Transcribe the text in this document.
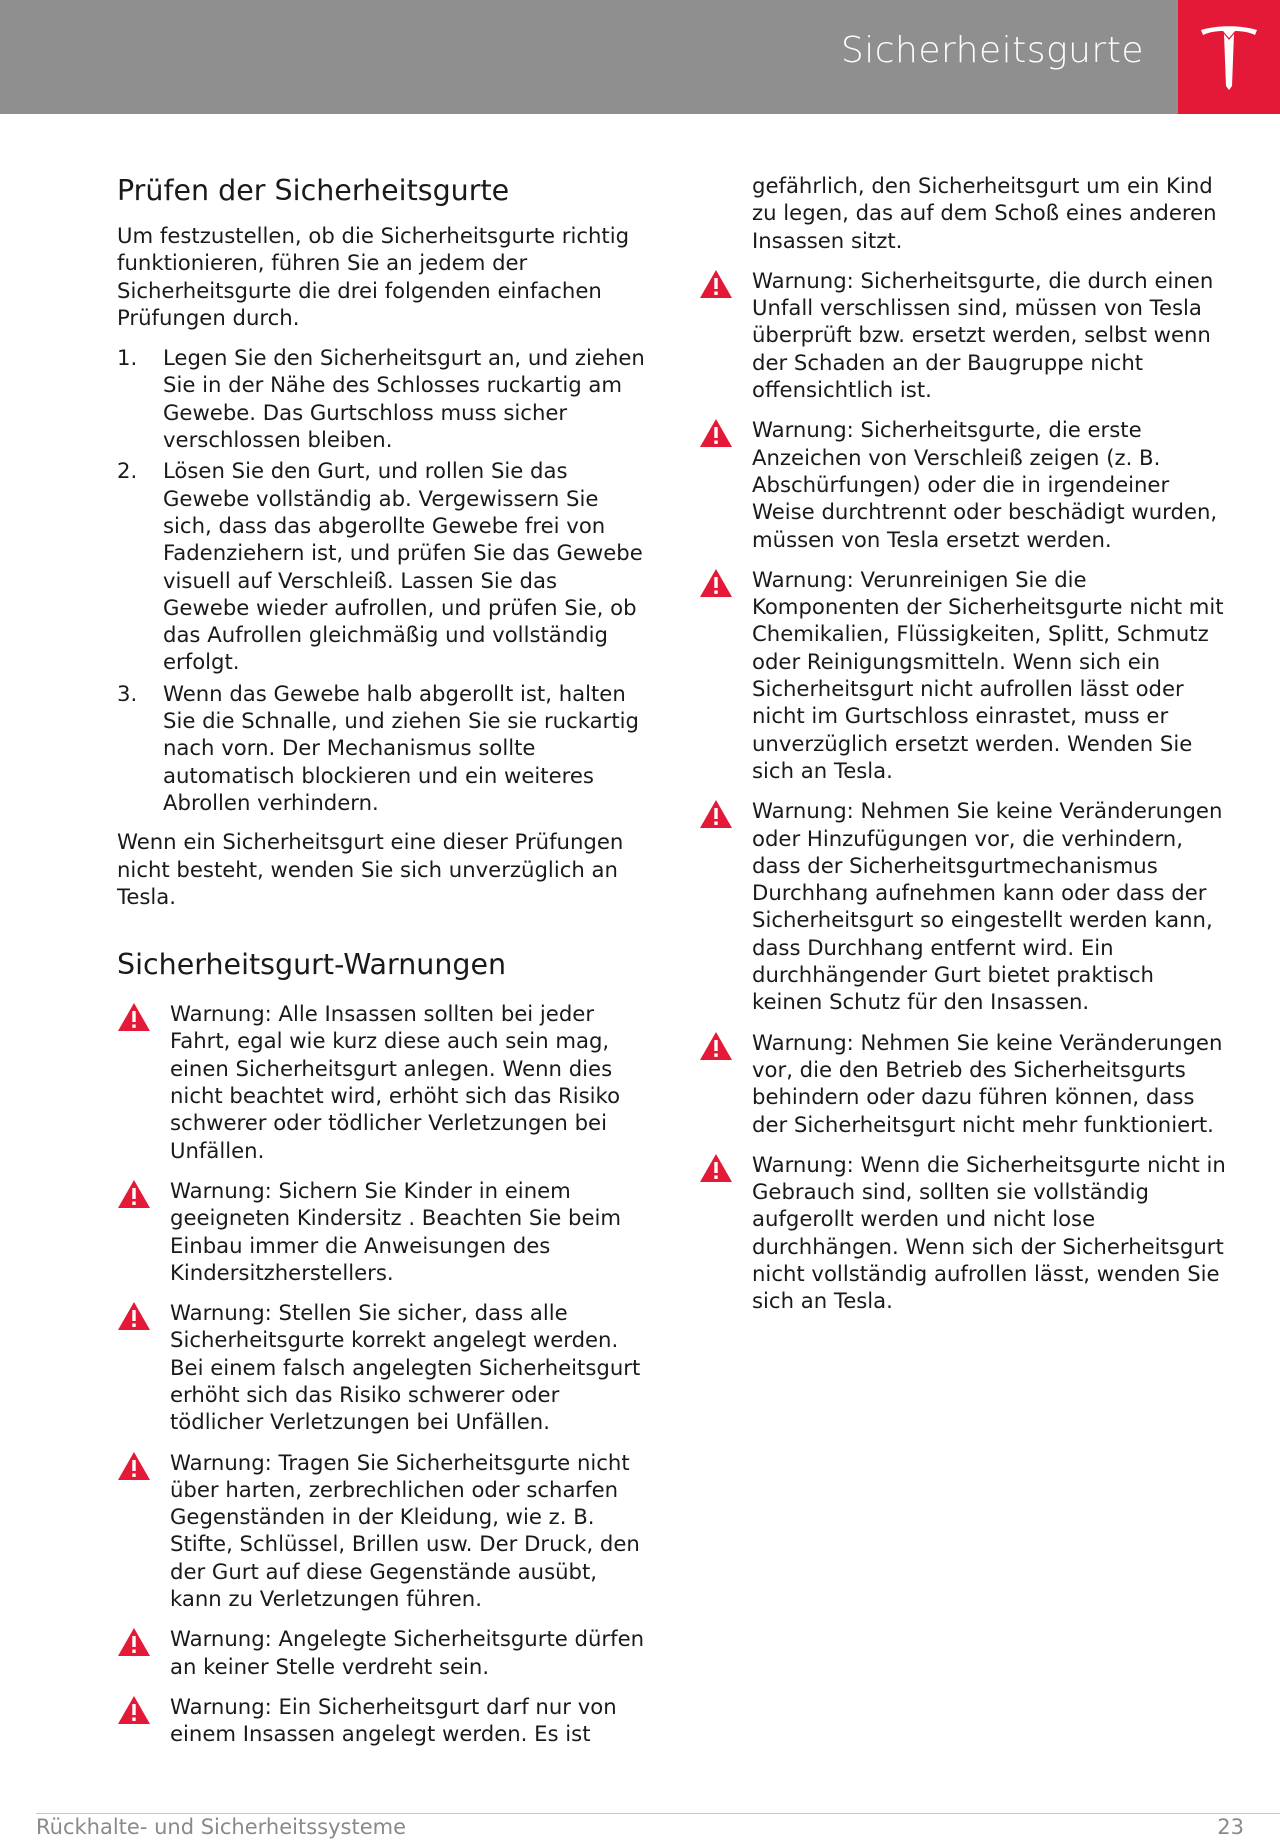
Sicherheitsgurte
Prüfen der Sicherheitsgurte

Um festzustellen, ob die Sicherheitsgurte richtig funktionieren, führen Sie an jedem der Sicherheitsgurte die drei folgenden einfachen Prüfungen durch.

1.	Legen Sie den Sicherheitsgurt an, und ziehen Sie in der Nähe des Schlosses ruckartig am Gewebe. Das Gurtschloss muss sicher verschlossen bleiben.
2.	Lösen Sie den Gurt, und rollen Sie das Gewebe vollständig ab. Vergewissern Sie sich, dass das abgerollte Gewebe frei von Fadenziehern ist, und prüfen Sie das Gewebe visuell auf Verschleiß. Lassen Sie das Gewebe wieder aufrollen, und prüfen Sie, ob das Aufrollen gleichmäßig und vollständig erfolgt.
3.	Wenn das Gewebe halb abgerollt ist, halten Sie die Schnalle, und ziehen Sie sie ruckartig nach vorn. Der Mechanismus sollte automatisch blockieren und ein weiteres Abrollen verhindern.

Wenn ein Sicherheitsgurt eine dieser Prüfungen nicht besteht, wenden Sie sich unverzüglich an Tesla.

Sicherheitsgurt-Warnungen
Warnung: Alle Insassen sollten bei jeder Fahrt, egal wie kurz diese auch sein mag, einen Sicherheitsgurt anlegen. Wenn dies nicht beachtet wird, erhöht sich das Risiko schwerer oder tödlicher Verletzungen bei Unfällen.
Warnung: Sichern Sie Kinder in einem geeigneten Kindersitz . Beachten Sie beim Einbau immer die Anweisungen des Kindersitzherstellers.
Warnung: Stellen Sie sicher, dass alle Sicherheitsgurte korrekt angelegt werden. Bei einem falsch angelegten Sicherheitsgurt erhöht sich das Risiko schwerer oder tödlicher Verletzungen bei Unfällen.
Warnung: Tragen Sie Sicherheitsgurte nicht über harten, zerbrechlichen oder scharfen Gegenständen in der Kleidung, wie z. B. Stifte, Schlüssel, Brillen usw. Der Druck, den der Gurt auf diese Gegenstände ausübt, kann zu Verletzungen führen.
Warnung: Angelegte Sicherheitsgurte dürfen an keiner Stelle verdreht sein.
Warnung: Ein Sicherheitsgurt darf nur von einem Insassen angelegt werden. Es ist

gefährlich, den Sicherheitsgurt um ein Kind zu legen, das auf dem Schoß eines anderen Insassen sitzt.

Warnung: Sicherheitsgurte, die durch einen Unfall verschlissen sind, müssen von Tesla überprüft bzw. ersetzt werden, selbst wenn der Schaden an der Baugruppe nicht offensichtlich ist.
Warnung: Sicherheitsgurte, die erste Anzeichen von Verschleiß zeigen (z. B. Abschürfungen) oder die in irgendeiner Weise durchtrennt oder beschädigt wurden, müssen von Tesla ersetzt werden.
Warnung: Verunreinigen Sie die Komponenten der Sicherheitsgurte nicht mit Chemikalien, Flüssigkeiten, Splitt, Schmutz oder Reinigungsmitteln. Wenn sich ein Sicherheitsgurt nicht aufrollen lässt oder nicht im Gurtschloss einrastet, muss er unverzüglich ersetzt werden. Wenden Sie sich an Tesla.
Warnung: Nehmen Sie keine Veränderungen oder Hinzufügungen vor, die verhindern, dass der Sicherheitsgurtmechanismus Durchhang aufnehmen kann oder dass der Sicherheitsgurt so eingestellt werden kann, dass Durchhang entfernt wird. Ein durchhängender Gurt bietet praktisch keinen Schutz für den Insassen.
Warnung: Nehmen Sie keine Veränderungen vor, die den Betrieb des Sicherheitsgurts behindern oder dazu führen können, dass der Sicherheitsgurt nicht mehr funktioniert.
Warnung: Wenn die Sicherheitsgurte nicht in Gebrauch sind, sollten sie vollständig aufgerollt werden und nicht lose durchhängen. Wenn sich der Sicherheitsgurt nicht vollständig aufrollen lässt, wenden Sie sich an Tesla.
Rückhalte- und Sicherheitssysteme	23
